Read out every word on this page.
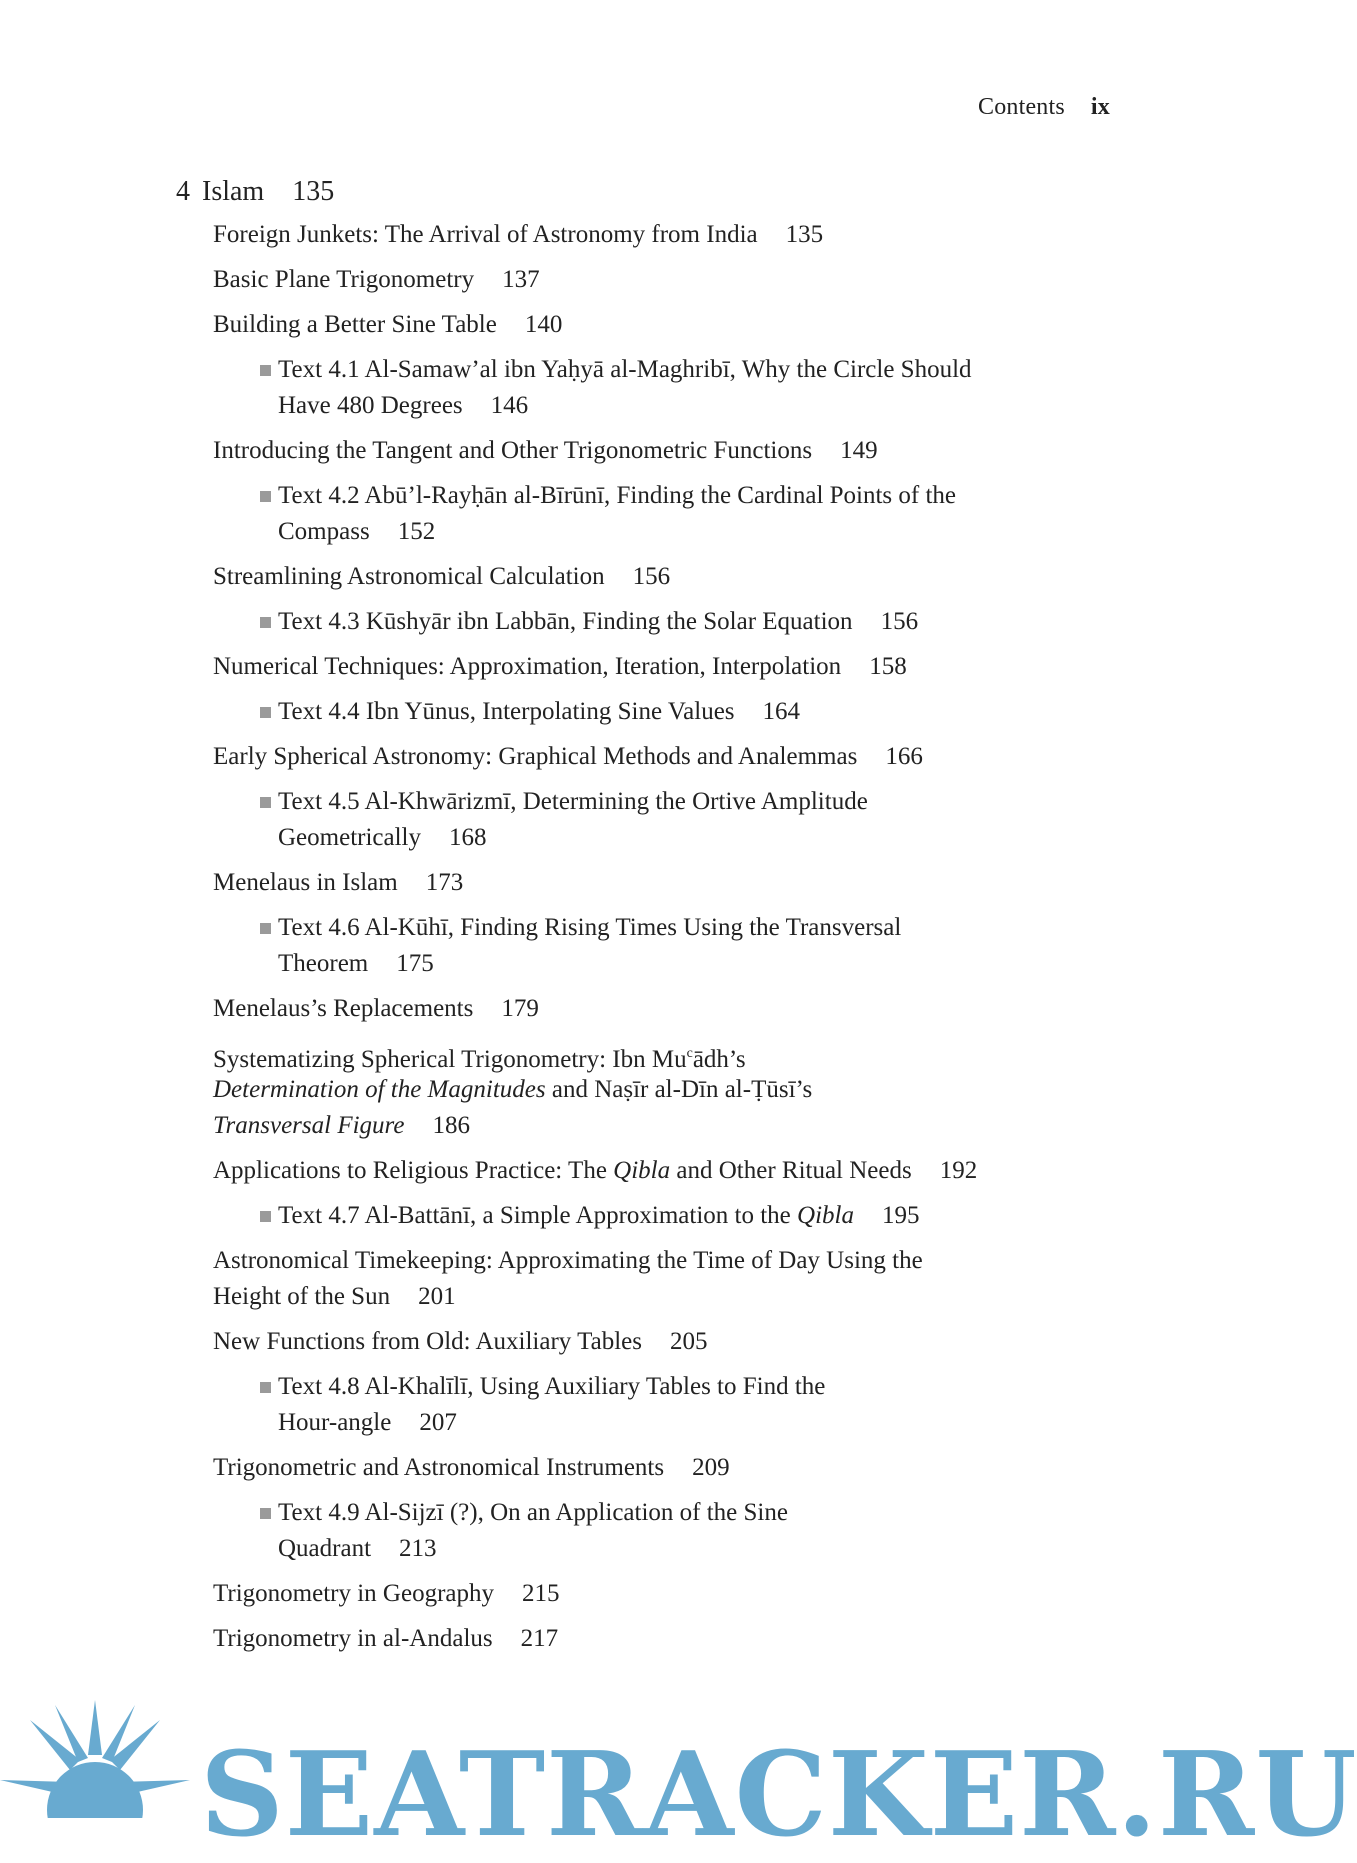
Contents ix
4 Islam 135
Foreign Junkets: The Arrival of Astronomy from India 135
Basic Plane Trigonometry 137
Building a Better Sine Table 140
Text 4.1 Al-Samaw’al ibn Yaḥyā al-Maghribī, Why the Circle Should
Have 480 Degrees 146
Introducing the Tangent and Other Trigonometric Functions 149
Text 4.2 Abū’l-Rayḥān al-Bīrūnī, Finding the Cardinal Points of the
Compass 152
Streamlining Astronomical Calculation 156
Text 4.3 Kūshyār ibn Labbān, Finding the Solar Equation 156
Numerical Techniques: Approximation, Iteration, Interpolation 158
Text 4.4 Ibn Yūnus, Interpolating Sine Values 164
Early Spherical Astronomy: Graphical Methods and Analemmas 166
Text 4.5 Al-Khwārizmī, Determining the Ortive Amplitude
Geometrically 168
Menelaus in Islam 173
Text 4.6 Al-Kūhī, Finding Rising Times Using the Transversal
Theorem 175
Menelaus’s Replacements 179
Systematizing Spherical Trigonometry: Ibn Mu$^c$ādh’s
Determination of the Magnitudes and Naṣīr al-Dīn al-Ṭūsī’s
Transversal Figure 186
Applications to Religious Practice: The Qibla and Other Ritual Needs 192
Text 4.7 Al-Battānī, a Simple Approximation to the Qibla 195
Astronomical Timekeeping: Approximating the Time of Day Using the
Height of the Sun 201
New Functions from Old: Auxiliary Tables 205
Text 4.8 Al-Khalīlī, Using Auxiliary Tables to Find the
Hour-angle 207
Trigonometric and Astronomical Instruments 209
Text 4.9 Al-Sijzī (?), On an Application of the Sine
Quadrant 213
Trigonometry in Geography 215
Trigonometry in al-Andalus 217
SEATRACKER.RU
